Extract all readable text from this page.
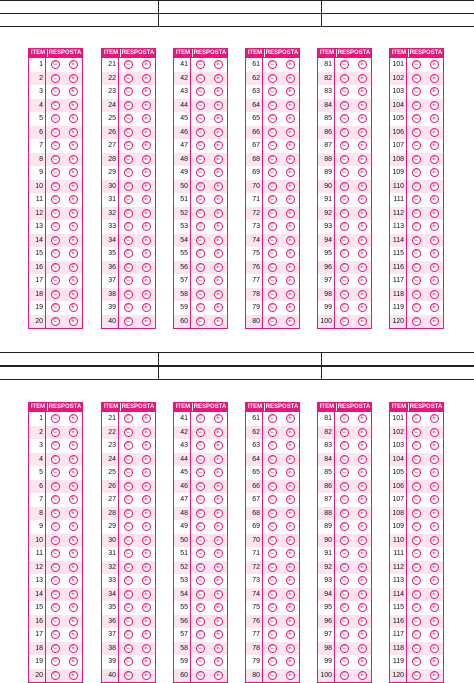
ITEM RESPOSTA
1	C	E
2	C	E
3	C	E
4	C	E
5	C	E
6	C	E
7	C	E
8	C	E
9	C	E
10	C	E
11	C	E
12	C	E
13	C	E
14	C	E
15	C	E
16	C	E
17	C	E
18	C	E
19	C	E
20	C	E
ITEM RESPOSTA
21	C	E
22	C	E
23	C	E
24	C	E
25	C	E
26	C	E
27	C	E
28	C	E
29	C	E
30	C	E
31	C	E
32	C	E
33	C	E
34	C	E
35	C	E
36	C	E
37	C	E
38	C	E
39	C	E
40	C	E
ITEM RESPOSTA
41	C	E
42	C	E
43	C	E
44	C	E
45	C	E
46	C	E
47	C	E
48	C	E
49	C	E
50	C	E
51	C	E
52	C	E
53	C	E
54	C	E
55	C	E
56	C	E
57	C	E
58	C	E
59	C	E
60	C	E
ITEM RESPOSTA
61	C	E
62	C	E
63	C	E
64	C	E
65	C	E
66	C	E
67	C	E
68	C	E
69	C	E
70	C	E
71	C	E
72	C	E
73	C	E
74	C	E
75	C	E
76	C	E
77	C	E
78	C	E
79	C	E
80	C	E
ITEM RESPOSTA
81	C	E
82	C	E
83	C	E
84	C	E
85	C	E
86	C	E
87	C	E
88	C	E
89	C	E
90	C	E
91	C	E
92	C	E
93	C	E
94	C	E
95	C	E
96	C	E
97	C	E
98	C	E
99	C	E
100	C	E
ITEM RESPOSTA
101	C	E
102	C	E
103	C	E
104	C	E
105	C	E
106	C	E
107	C	E
108	C	E
109	C	E
110	C	E
111	C	E
112	C	E
113	C	E
114	C	E
115	C	E
116	C	E
117	C	E
118	C	E
119	C	E
120	C	E

ITEM RESPOSTA
1	C	E
2	C	E
3	C	E
4	C	E
5	C	E
6	C	E
7	C	E
8	C	E
9	C	E
10	C	E
11	C	E
12	C	E
13	C	E
14	C	E
15	C	E
16	C	E
17	C	E
18	C	E
19	C	E
20	C	E
ITEM RESPOSTA
21	C	E
22	C	E
23	C	E
24	C	E
25	C	E
26	C	E
27	C	E
28	C	E
29	C	E
30	C	E
31	C	E
32	C	E
33	C	E
34	C	E
35	C	E
36	C	E
37	C	E
38	C	E
39	C	E
40	C	E
ITEM RESPOSTA
41	C	E
42	C	E
43	C	E
44	C	E
45	C	E
46	C	E
47	C	E
48	C	E
49	C	E
50	C	E
51	C	E
52	C	E
53	C	E
54	C	E
55	C	E
56	C	E
57	C	E
58	C	E
59	C	E
60	C	E
ITEM RESPOSTA
61	C	E
62	C	E
63	C	E
64	C	E
65	C	E
66	C	E
67	C	E
68	C	E
69	C	E
70	C	E
71	C	E
72	C	E
73	C	E
74	C	E
75	C	E
76	C	E
77	C	E
78	C	E
79	C	E
80	C	E
ITEM RESPOSTA
81	C	E
82	C	E
83	C	E
84	C	E
85	C	E
86	C	E
87	C	E
88	C	E
89	C	E
90	C	E
91	C	E
92	C	E
93	C	E
94	C	E
95	C	E
96	C	E
97	C	E
98	C	E
99	C	E
100	C	E
ITEM RESPOSTA
101	C	E
102	C	E
103	C	E
104	C	E
105	C	E
106	C	E
107	C	E
108	C	E
109	C	E
110	C	E
111	C	E
112	C	E
113	C	E
114	C	E
115	C	E
116	C	E
117	C	E
118	C	E
119	C	E
120	C	E
